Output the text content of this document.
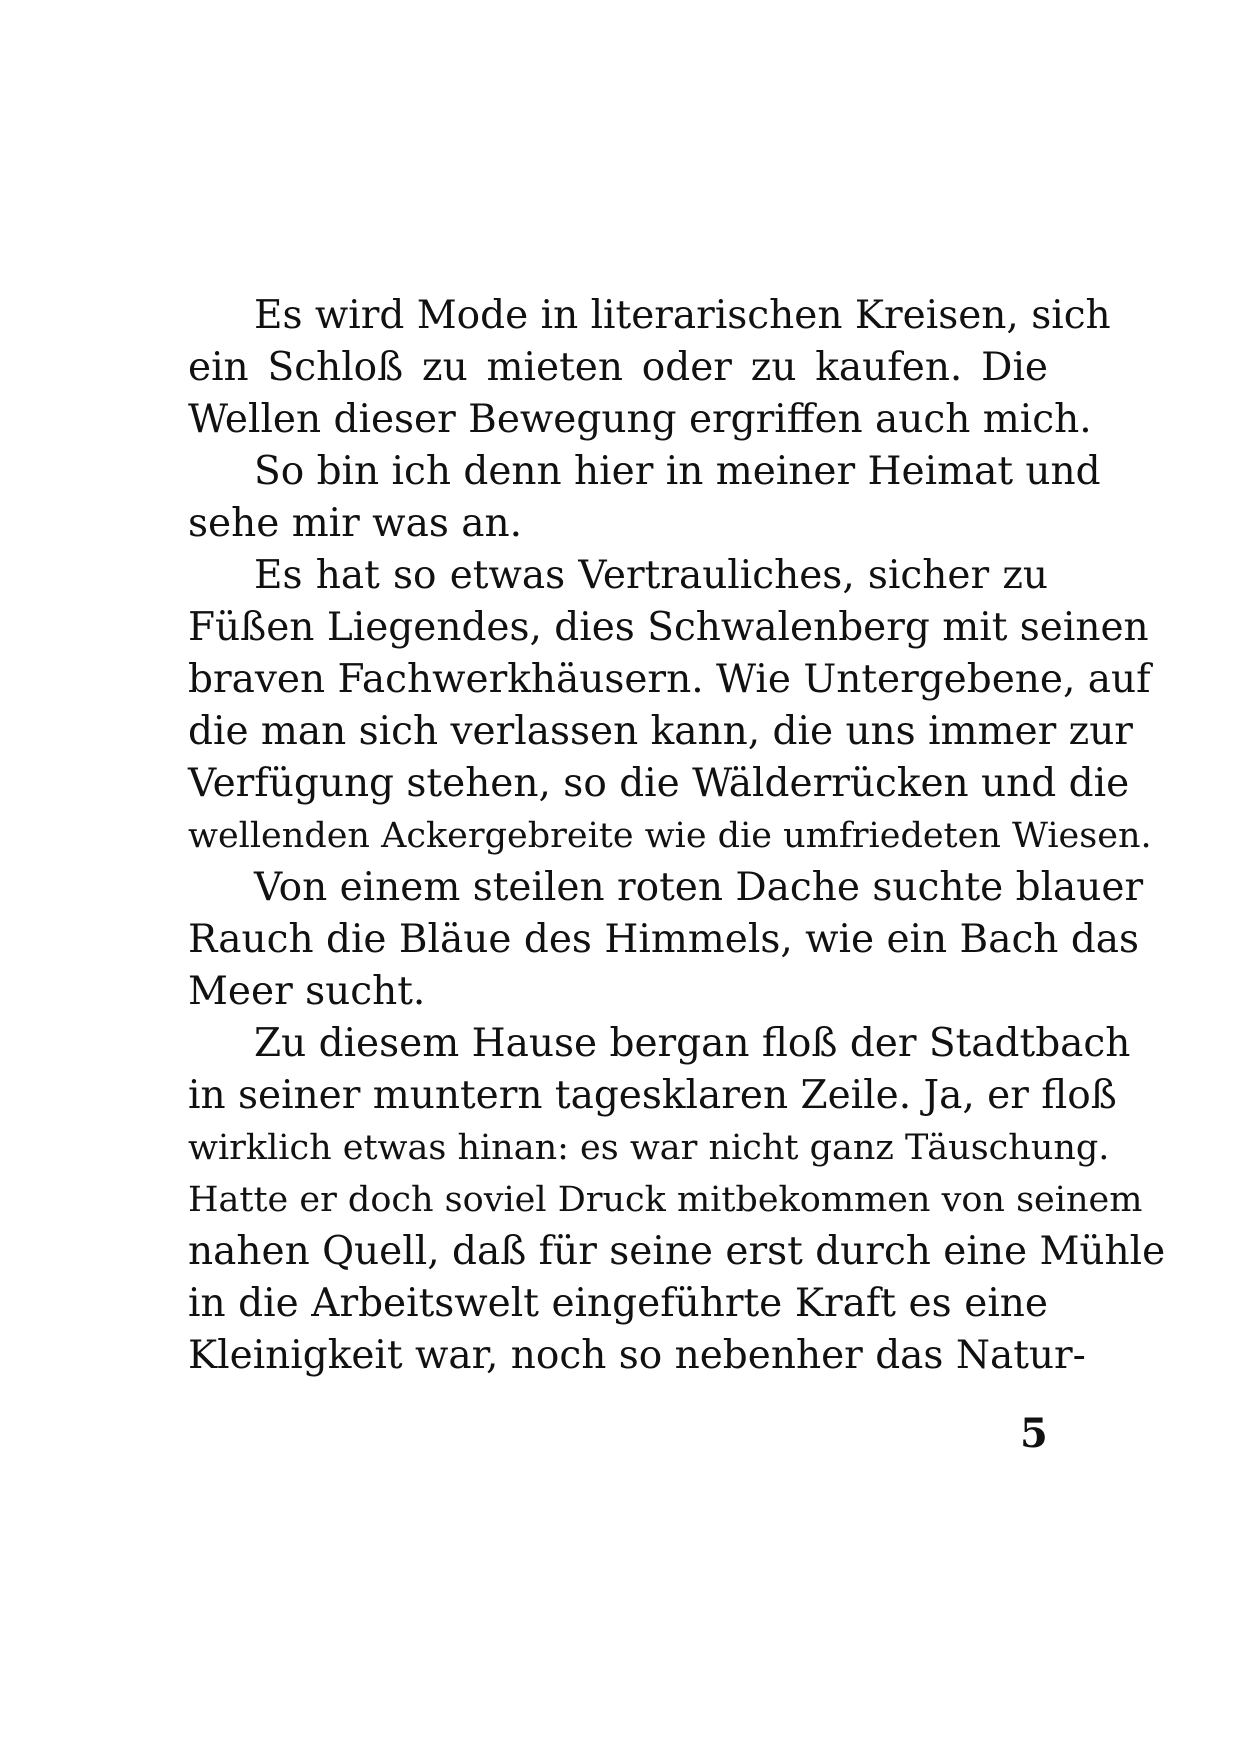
Es wird Mode in literarischen Kreisen, sich
ein Schloß zu mieten oder zu kaufen. Die
Wellen dieser Bewegung ergriffen auch mich.
So bin ich denn hier in meiner Heimat und
sehe mir was an.
Es hat so etwas Vertrauliches, sicher zu
Füßen Liegendes, dies Schwalenberg mit seinen
braven Fachwerkhäusern. Wie Untergebene, auf
die man sich verlassen kann, die uns immer zur
Verfügung stehen, so die Wälderrücken und die
wellenden Ackergebreite wie die umfriedeten Wiesen.
Von einem steilen roten Dache suchte blauer
Rauch die Bläue des Himmels, wie ein Bach das
Meer sucht.
Zu diesem Hause bergan floß der Stadtbach
in seiner muntern tagesklaren Zeile. Ja, er floß
wirklich etwas hinan: es war nicht ganz Täuschung.
Hatte er doch soviel Druck mitbekommen von seinem
nahen Quell, daß für seine erst durch eine Mühle
in die Arbeitswelt eingeführte Kraft es eine
Kleinigkeit war, noch so nebenher das Natur-
5
